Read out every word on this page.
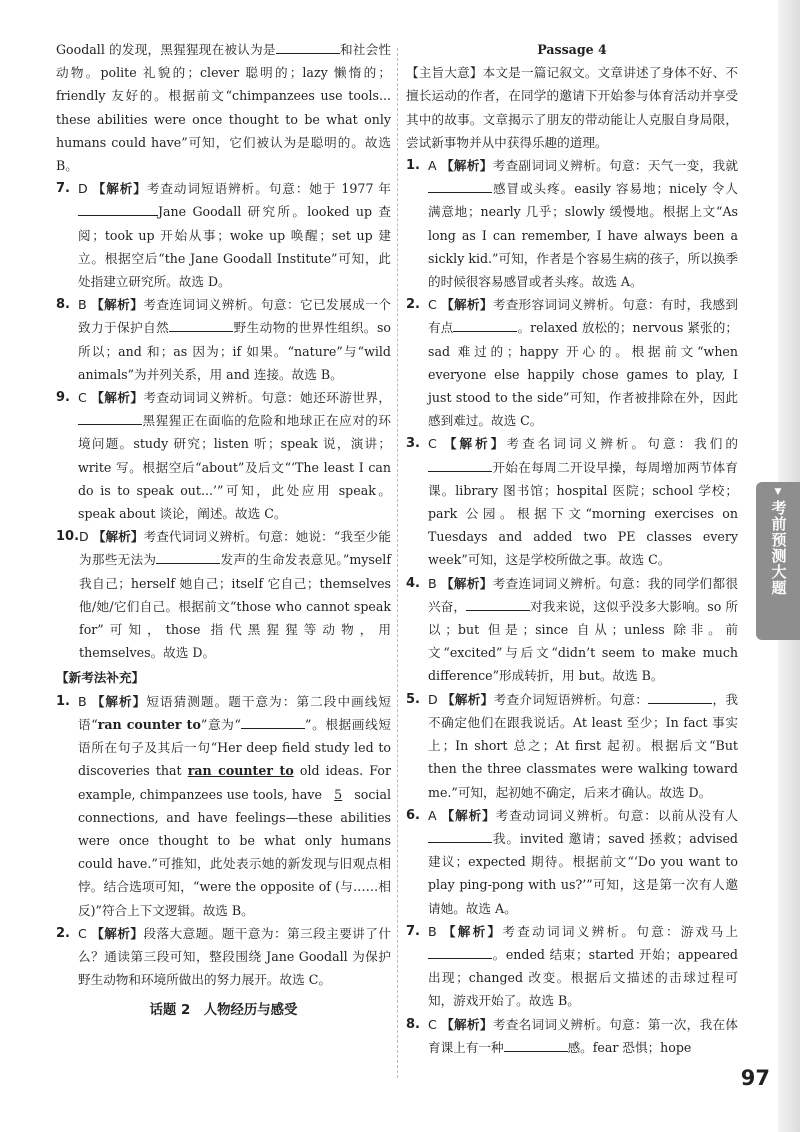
Goodall 的发现，黑猩猩现在被认为是	和社会性动物。polite 礼貌的；clever 聪明的；lazy 懒惰的；friendly 友好的。根据前文“chimpanzees use tools... these abilities were once thought to be what only humans could have”可知，它们被认为是聪明的。故选 B。
7. D 【解析】考查动词短语辨析。句意：她于 1977 年Jane Goodall 研究所。looked up 查阅；took up 开始从事；woke up 唤醒；set up 建立。根据空后“the Jane Goodall Institute”可知，此处指建立研究所。故选 D。
8. B 【解析】考查连词词义辨析。句意：它已发展成一个致力于保护自然	野生动物的世界性组织。so 所以；and 和；as 因为；if 如果。“nature”与“wild animals”为并列关系，用 and 连接。故选 B。
9. C 【解析】考查动词词义辨析。句意：她还环游世界，黑猩猩正在面临的危险和地球正在应对的环境问题。study 研究；listen 听；speak 说，演讲；write 写。根据空后“about”及后文“‘The least I can do is to speak out...’”可知，此处应用 speak。speak about 谈论，阐述。故选 C。
10. D 【解析】考查代词词义辨析。句意：她说：“我至少能为那些无法为	发声的生命发表意见。”myself 我自己；herself 她自己；itself 它自己；themselves 他/她/它们自己。根据前文“those who cannot speak for”可知，those 指代黑猩猩等动物，用 themselves。故选 D。
【新考法补充】
1. B 【解析】短语猜测题。题干意为：第二段中画线短语“ran counter to”意为“	”。根据画线短语所在句子及其后一句“Her deep field study led to discoveries that ran counter to old ideas. For example, chimpanzees use tools, have 5 social connections, and have feelings—these abilities were once thought to be what only humans could have.”可推知，此处表示她的新发现与旧观点相悖。结合选项可知，“were the opposite of (与……相反)”符合上下文逻辑。故选 B。
2. C 【解析】段落大意题。题干意为：第三段主要讲了什么？通读第三段可知，整段围绕 Jane Goodall 为保护野生动物和环境所做出的努力展开。故选 C。
话题 2　人物经历与感受
Passage 4
【主旨大意】本文是一篇记叙文。文章讲述了身体不好、不擅长运动的作者，在同学的邀请下开始参与体育活动并享受其中的故事。文章揭示了朋友的带动能让人克服自身局限，尝试新事物并从中获得乐趣的道理。
1. A 【解析】考查副词词义辨析。句意：天气一变，我就感冒或头疼。easily 容易地；nicely 令人满意地；nearly 几乎；slowly 缓慢地。根据上文“As long as I can remember, I have always been a sickly kid.”可知，作者是个容易生病的孩子，所以换季的时候很容易感冒或者头疼。故选 A。
2. C 【解析】考查形容词词义辨析。句意：有时，我感到有点	。relaxed 放松的；nervous 紧张的；sad 难过的；happy 开心的。根据前文“when everyone else happily chose games to play, I just stood to the side”可知，作者被排除在外，因此感到难过。故选 C。
3. C 【解析】考查名词词义辨析。句意：我们的开始在每周二开设早操，每周增加两节体育课。library 图书馆；hospital 医院；school 学校；park 公园。根据下文“morning exercises on Tuesdays and added two PE classes every week”可知，这是学校所做之事。故选 C。
4. B 【解析】考查连词词义辨析。句意：我的同学们都很兴奋，	对我来说，这似乎没多大影响。so 所以；but 但是；since 自从；unless 除非。前文“excited”与后文“didn’t seem to make much difference”形成转折，用 but。故选 B。
5. D 【解析】考查介词短语辨析。句意：	，我不确定他们在跟我说话。At least 至少；In fact 事实上；In short 总之；At first 起初。根据后文“But then the three classmates were walking toward me.”可知，起初她不确定，后来才确认。故选 D。
6. A 【解析】考查动词词义辨析。句意：以前从没有人我。invited 邀请；saved 拯救；advised 建议；expected 期待。根据前文“‘Do you want to play ping-pong with us?’”可知，这是第一次有人邀请她。故选 A。
7. B 【解析】考查动词词义辨析。句意：游戏马上。ended 结束；started 开始；appeared 出现；changed 改变。根据后文描述的击球过程可知，游戏开始了。故选 B。
8. C 【解析】考查名词词义辨析。句意：第一次，我在体育课上有一种	感。fear 恐惧；hope
▼
考前预测大题
97
